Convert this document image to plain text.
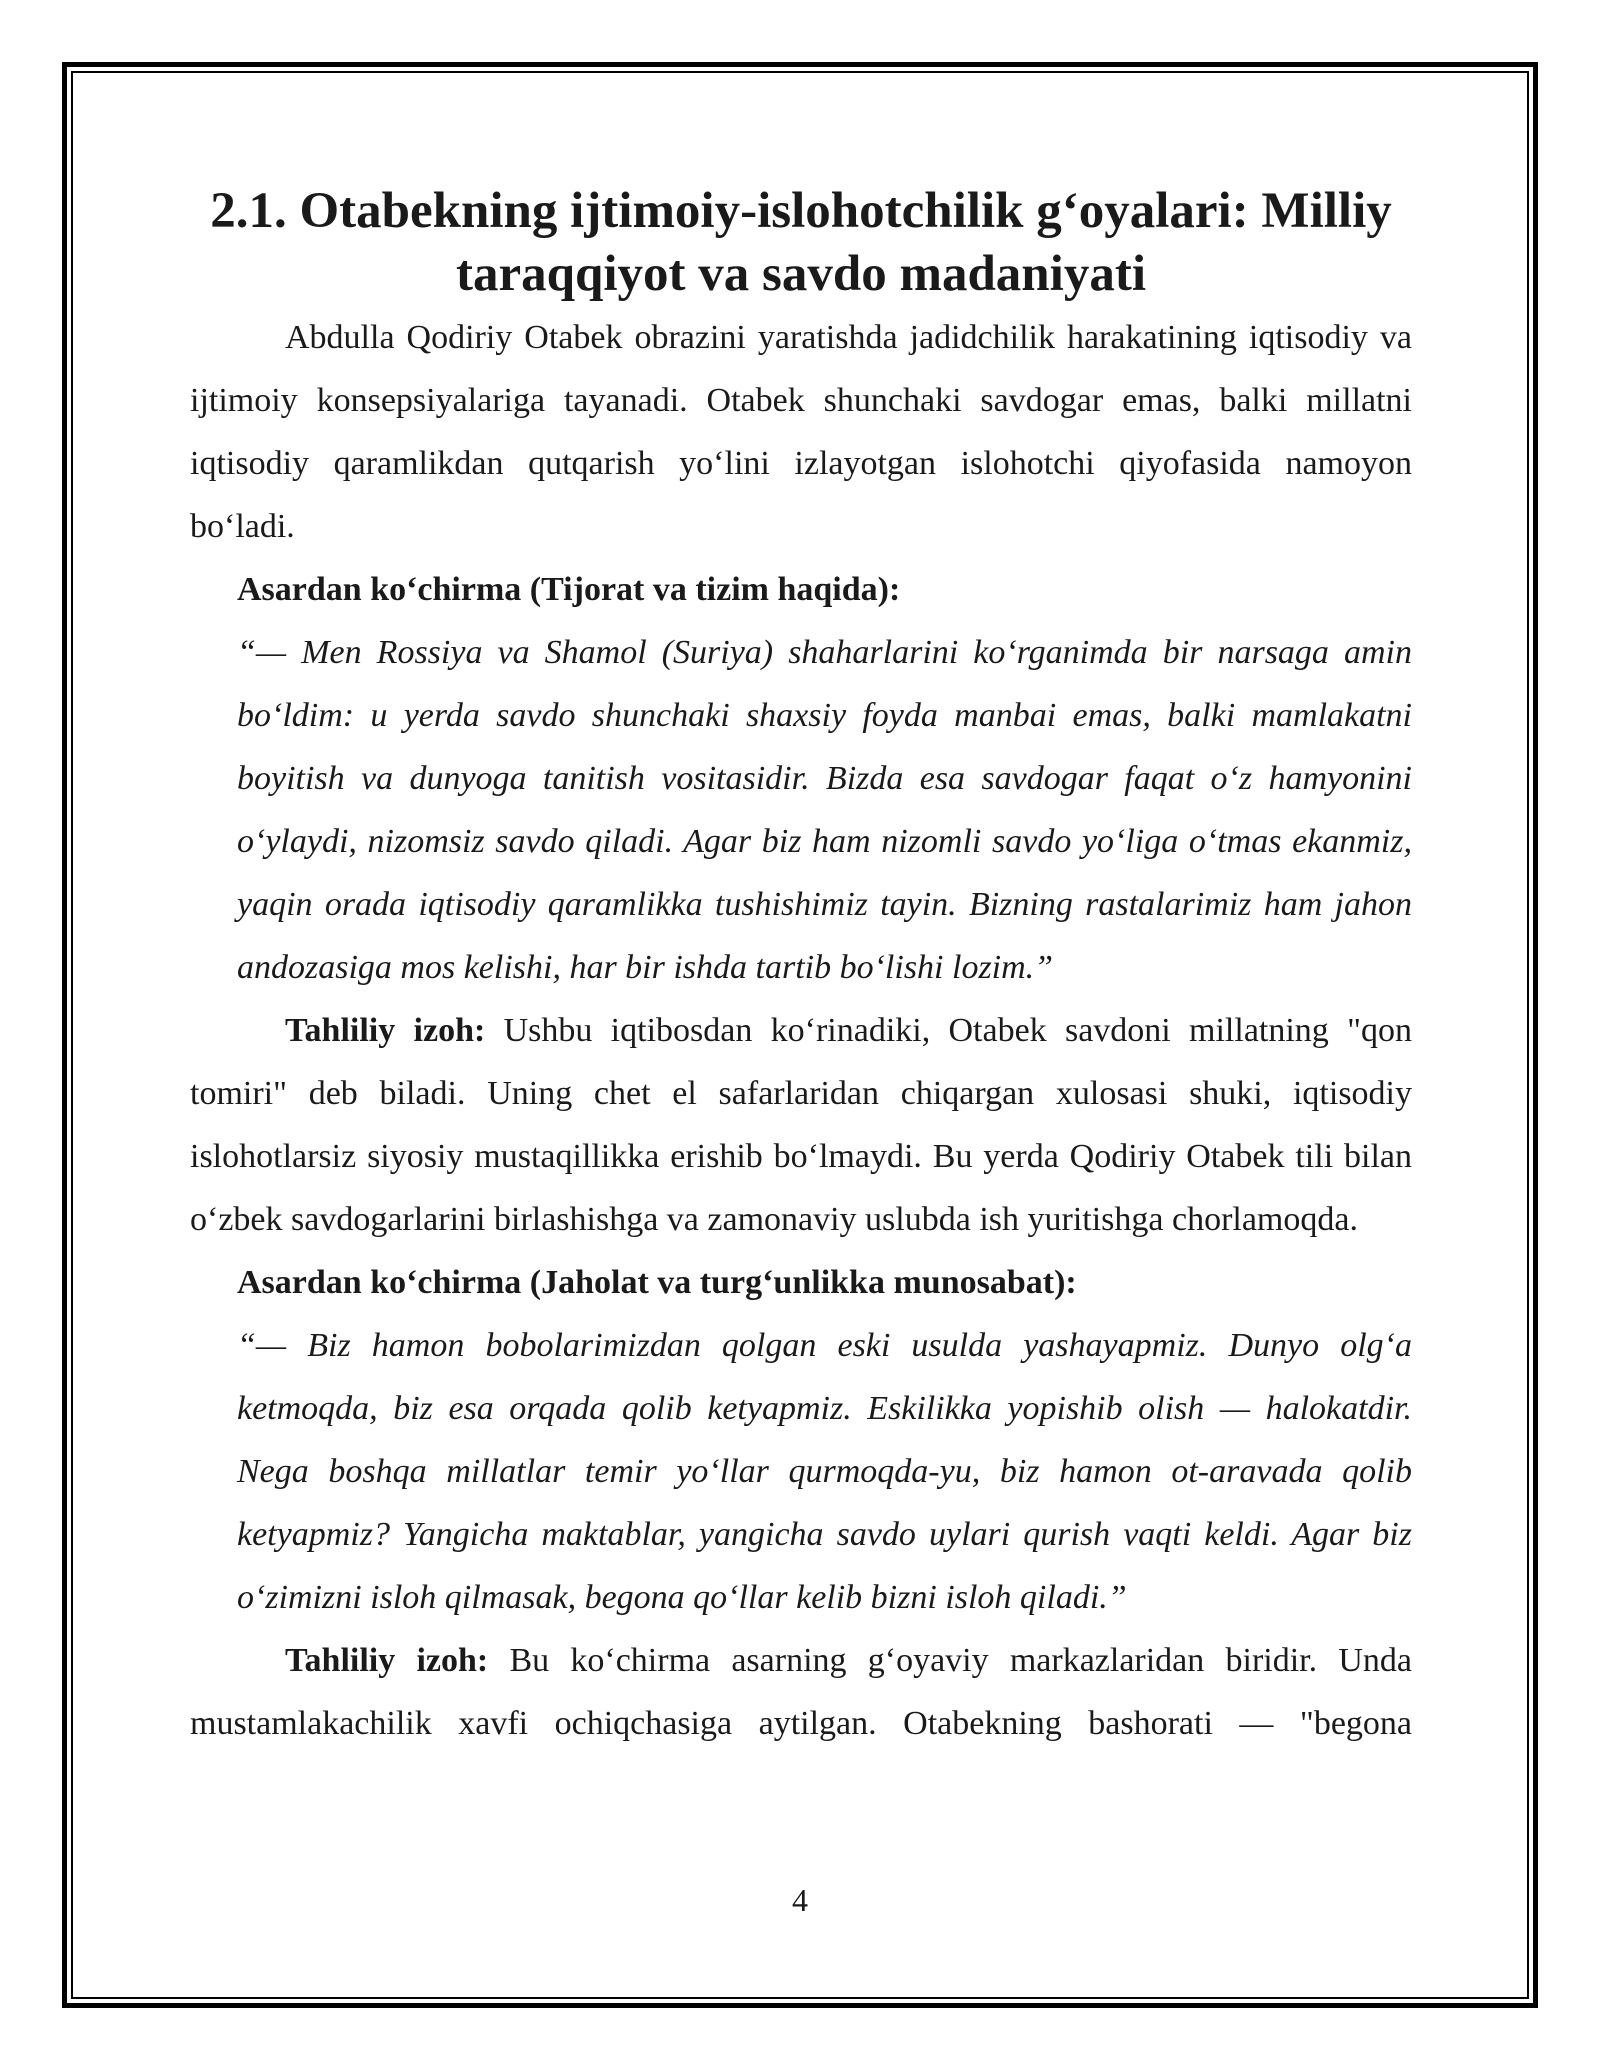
2.1. Otabekning ijtimoiy-islohotchilik g‘oyalari: Milliy taraqqiyot va savdo madaniyati

Abdulla Qodiriy Otabek obrazini yaratishda jadidchilik harakatining iqtisodiy va ijtimoiy konsepsiyalariga tayanadi. Otabek shunchaki savdogar emas, balki millatni iqtisodiy qaramlikdan qutqarish yo‘lini izlayotgan islohotchi qiyofasida namoyon bo‘ladi.

Asardan ko‘chirma (Tijorat va tizim haqida):

“— Men Rossiya va Shamol (Suriya) shaharlarini ko‘rganimda bir narsaga amin bo‘ldim: u yerda savdo shunchaki shaxsiy foyda manbai emas, balki mamlakatni boyitish va dunyoga tanitish vositasidir. Bizda esa savdogar faqat o‘z hamyonini o‘ylaydi, nizomsiz savdo qiladi. Agar biz ham nizomli savdo yo‘liga o‘tmas ekanmiz, yaqin orada iqtisodiy qaramlikka tushishimiz tayin. Bizning rastalarimiz ham jahon andozasiga mos kelishi, har bir ishda tartib bo‘lishi lozim.”

Tahliliy izoh: Ushbu iqtibosdan ko‘rinadiki, Otabek savdoni millatning "qon tomiri" deb biladi. Uning chet el safarlaridan chiqargan xulosasi shuki, iqtisodiy islohotlarsiz siyosiy mustaqillikka erishib bo‘lmaydi. Bu yerda Qodiriy Otabek tili bilan o‘zbek savdogarlarini birlashishga va zamonaviy uslubda ish yuritishga chorlamoqda.

Asardan ko‘chirma (Jaholat va turg‘unlikka munosabat):

“— Biz hamon bobolarimizdan qolgan eski usulda yashayapmiz. Dunyo olg‘a ketmoqda, biz esa orqada qolib ketyapmiz. Eskilikka yopishib olish — halokatdir. Nega boshqa millatlar temir yo‘llar qurmoqda-yu, biz hamon ot-aravada qolib ketyapmiz? Yangicha maktablar, yangicha savdo uylari qurish vaqti keldi. Agar biz o‘zimizni isloh qilmasak, begona qo‘llar kelib bizni isloh qiladi.”

Tahliliy izoh: Bu ko‘chirma asarning g‘oyaviy markazlaridan biridir. Unda mustamlakachilik xavfi ochiqchasiga aytilgan. Otabekning bashorati — "begona

4
